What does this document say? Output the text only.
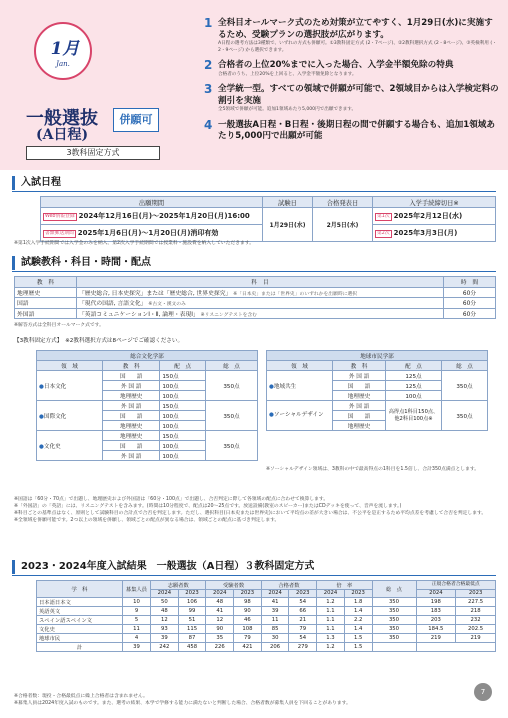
1月
Jan.
一般選抜
(A日程)
併願可
3教科固定方式
1 全科目オールマーク式のため対策が立てやすく、1月29日(水)に実施するため、受験プランの選択肢が広がります。
A日程の選考方法は3種類で、いずれの方式も併願可。①3教科固定方式 (2・7ページ)、②2教科選択方式 (2・8ページ)、③英検利用 (・2・9ページ) から選択できます。
2 合格者の上位20%までに入った場合、入学金半額免除の特典
合格者のうち、上位20%を上回ると、入学金半額免除となります。
3 全学統一型。すべての領域で併願が可能で、2領域目からは入学検定料の割引を実施
全5領域で併願が可能。追加1領域あたり5,000円で出願できます。
4 一般選抜A日程・B日程・後期日程の間で併願する場合も、追加1領域あたり5,000円で出願が可能
入試日程
出願期間	試験日	合格発表日	入学手続締切日※
Web情報登録 2024年12月16日(月)〜2025年1月20日(月)16:00	1月29日(水)	2月5日(水)	第1次 2025年2月12日(水)
書類郵送期間 2025年1月6日(月)〜1月20日(月)消印有効			第2次 2025年3月3日(月)
※第1次入学手続期間では入学金のみを納入、第2次入学手続期間では授業料・施設費を納入していただきます。
試験教科・科目・時間・配点
教　科	科　目	時　間
地理歴史	「歴史総合, 日本史探究」または「歴史総合, 世界史探究」 ※「日本史」または「世界史」のいずれかを出願時に選択	60分
国語	「現代の国語, 言語文化」 ※古文・漢文のみ	60分
外国語	「英語コミュニケーションⅠ・Ⅱ, 論理・表現Ⅰ」 ※リスニングテストを含む	60分
※解答方式は全科目オールマーク式です。
【3教科固定方式】　※2教科選択方式は8ページでご確認ください。
総合文化学部			
領　域	教　科	配　点	総　点
●日本文化	国　　語	150点	350点
	外 国 語	100点	
	地理歴史	100点	
●国際文化	外 国 語	150点	350点
	国　　語	100点	
	地理歴史	100点	
●文化史	地理歴史	150点	350点
	国　　語	100点	
	外 国 語	100点	
地球市民学部			
領　域	教　科	配　点	総　点
●地域共生	外 国 語	125点	350点
	国　　語	125点	
	地理歴史	100点	
●ソーシャルデザイン	外 国 語	高得点1科目150点、他2科目100点※	350点
	国　　語		
	地理歴史		
※ソーシャルデザイン領域は、3教科の中で最高得点の1科目を1.5倍し、合計350点満点とします。
※国語は「60分・70点」で出題し、地理歴史および外国語は「60分・100点」で出題し、合否判定に際して各領域の配点に合わせて換算します。
※「外国語」の「英語」には、リスニングテストを含みます。(時間は10分程度で、配点は20〜25点です。放送設備(教室のスピーカー)またはCDデッキを使って、音声を流します。)
※科目ごとの基準点はなく、原則として試験科目の合計点で合否を判定します。ただし、選択科目(日本史または世界史)において平均点の差が大きい場合は、不公平を是正するため平均点差を考慮して合否を判定します。
※全領域を併願可能です。2つ以上の領域を併願し、領域ごとの配点が異なる場合は、領域ごとの配点に基づき判定します。
2023・2024年度入試結果　一般選抜（A日程）３教科固定方式
学　科	募集人員	志願者数		受験者数		合格者数		倍　率		総　点	正規合格者合格最低点	
		2024	2023	2024	2023	2024	2023	2024	2023		2024	2023
日本語日本文	10	50	106	48	98	41	54	1.2	1.8	350	198	227.5
英語英文	9	48	99	41	90	39	66	1.1	1.4	350	183	218
スペイン語スペイン文	5	12	51	12	46	11	21	1.1	2.2	350	203	232
文化史	11	93	115	90	108	85	79	1.1	1.4	350	184.5	202.5
地球市民	4	39	87	35	79	30	54	1.3	1.5	350	219	219
計	39	242	458	226	421	206	279	1.2	1.5			
※合格者数：現役・合格最低点に繰上合格者は含まれません。
※募集人員は2024年度入試のものです。また、選考の結果、本学で学修する能力に満たないと判断した場合、合格者数が募集人員を下回ることがあります。
7
